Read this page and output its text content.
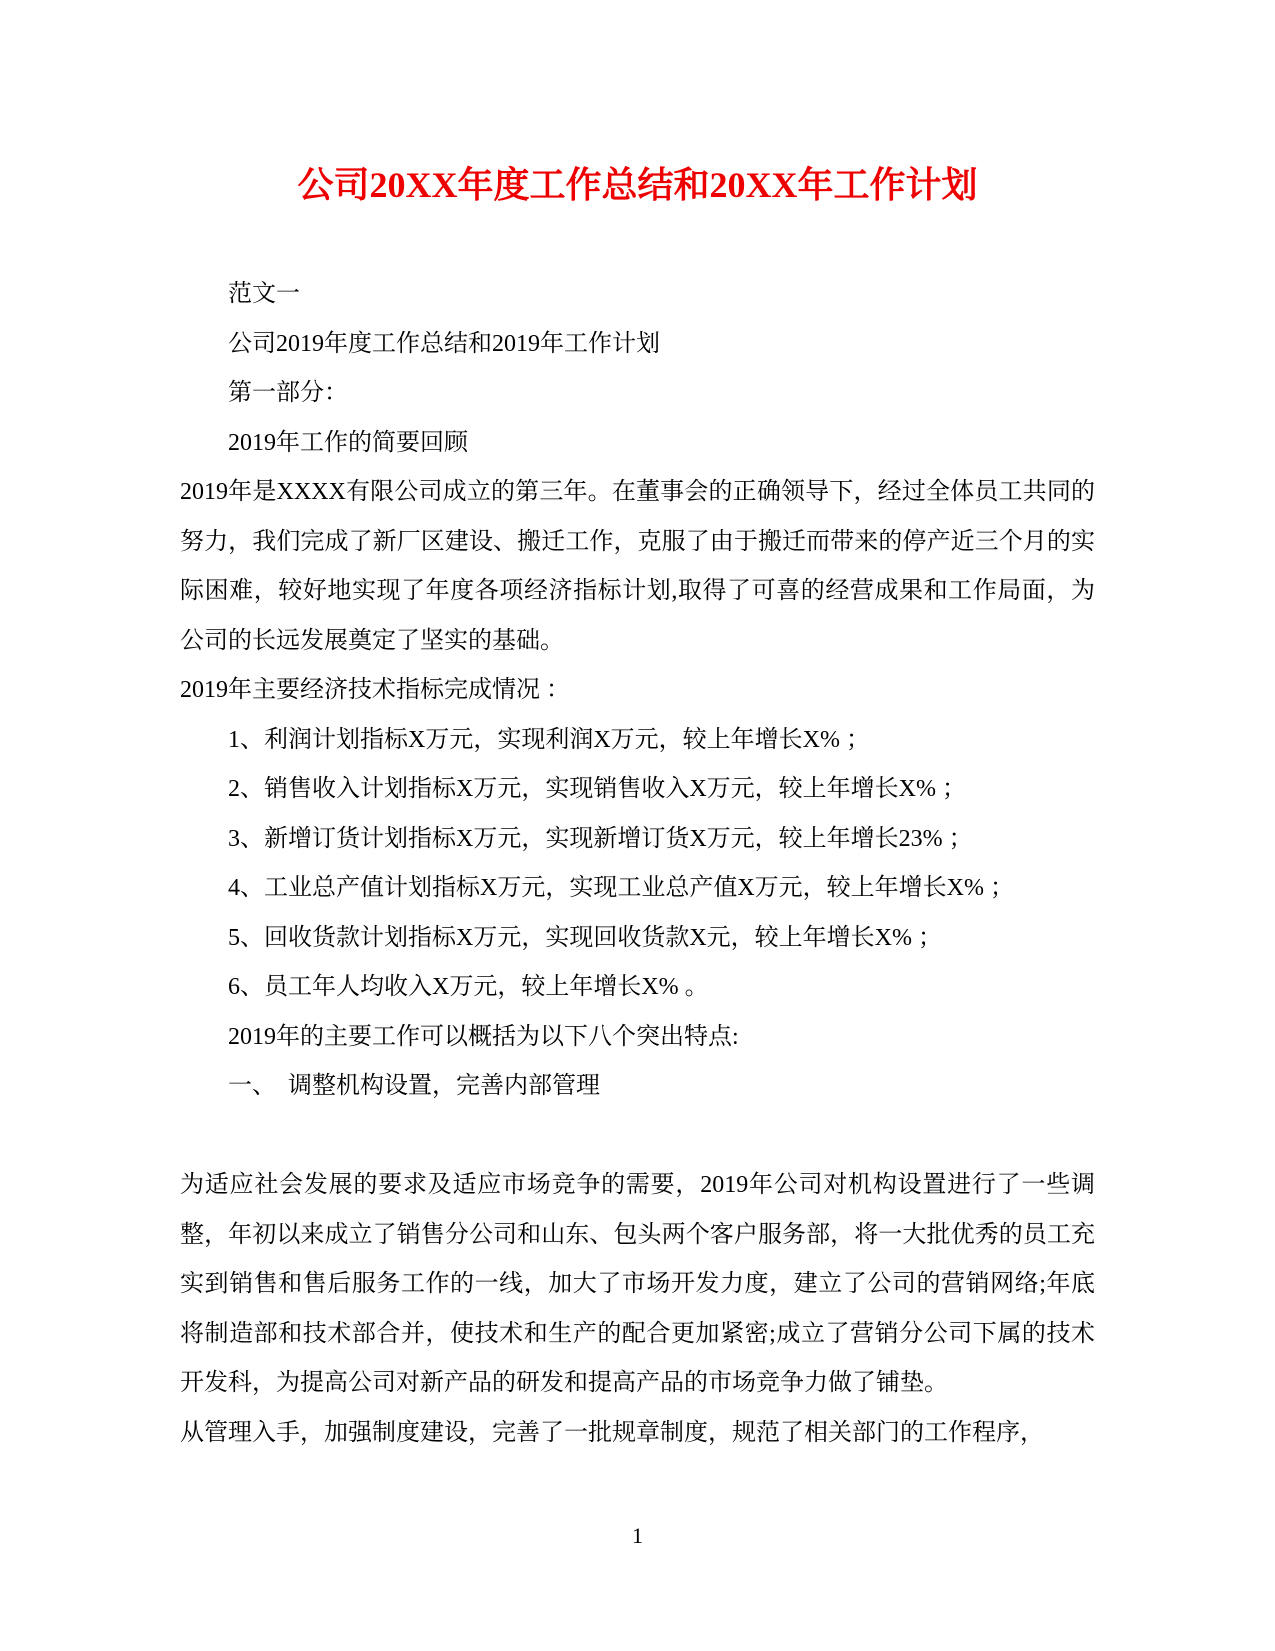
公司20XX年度工作总结和20XX年工作计划
范文一
公司2019年度工作总结和2019年工作计划
第一部分：
2019年工作的简要回顾
2019年是XXXX有限公司成立的第三年。在董事会的正确领导下，经过全体员工共同的努力，我们完成了新厂区建设、搬迁工作，克服了由于搬迁而带来的停产近三个月的实际困难，较好地实现了年度各项经济指标计划,取得了可喜的经营成果和工作局面，为公司的长远发展奠定了坚实的基础。
2019年主要经济技术指标完成情况 ：
1、利润计划指标X万元，实现利润X万元，较上年增长X% ；
2、销售收入计划指标X万元，实现销售收入X万元，较上年增长X% ；
3、新增订货计划指标X万元，实现新增订货X万元，较上年增长23% ；
4、工业总产值计划指标X万元，实现工业总产值X万元，较上年增长X% ；
5、回收货款计划指标X万元，实现回收货款X元，较上年增长X% ；
6、员工年人均收入X万元，较上年增长X% 。
2019年的主要工作可以概括为以下八个突出特点:
一、　调整机构设置，完善内部管理
为适应社会发展的要求及适应市场竞争的需要，2019年公司对机构设置进行了一些调整，年初以来成立了销售分公司和山东、包头两个客户服务部，将一大批优秀的员工充实到销售和售后服务工作的一线，加大了市场开发力度，建立了公司的营销网络;年底将制造部和技术部合并，使技术和生产的配合更加紧密;成立了营销分公司下属的技术开发科，为提高公司对新产品的研发和提高产品的市场竞争力做了铺垫。
从管理入手，加强制度建设，完善了一批规章制度，规范了相关部门的工作程序，
1
